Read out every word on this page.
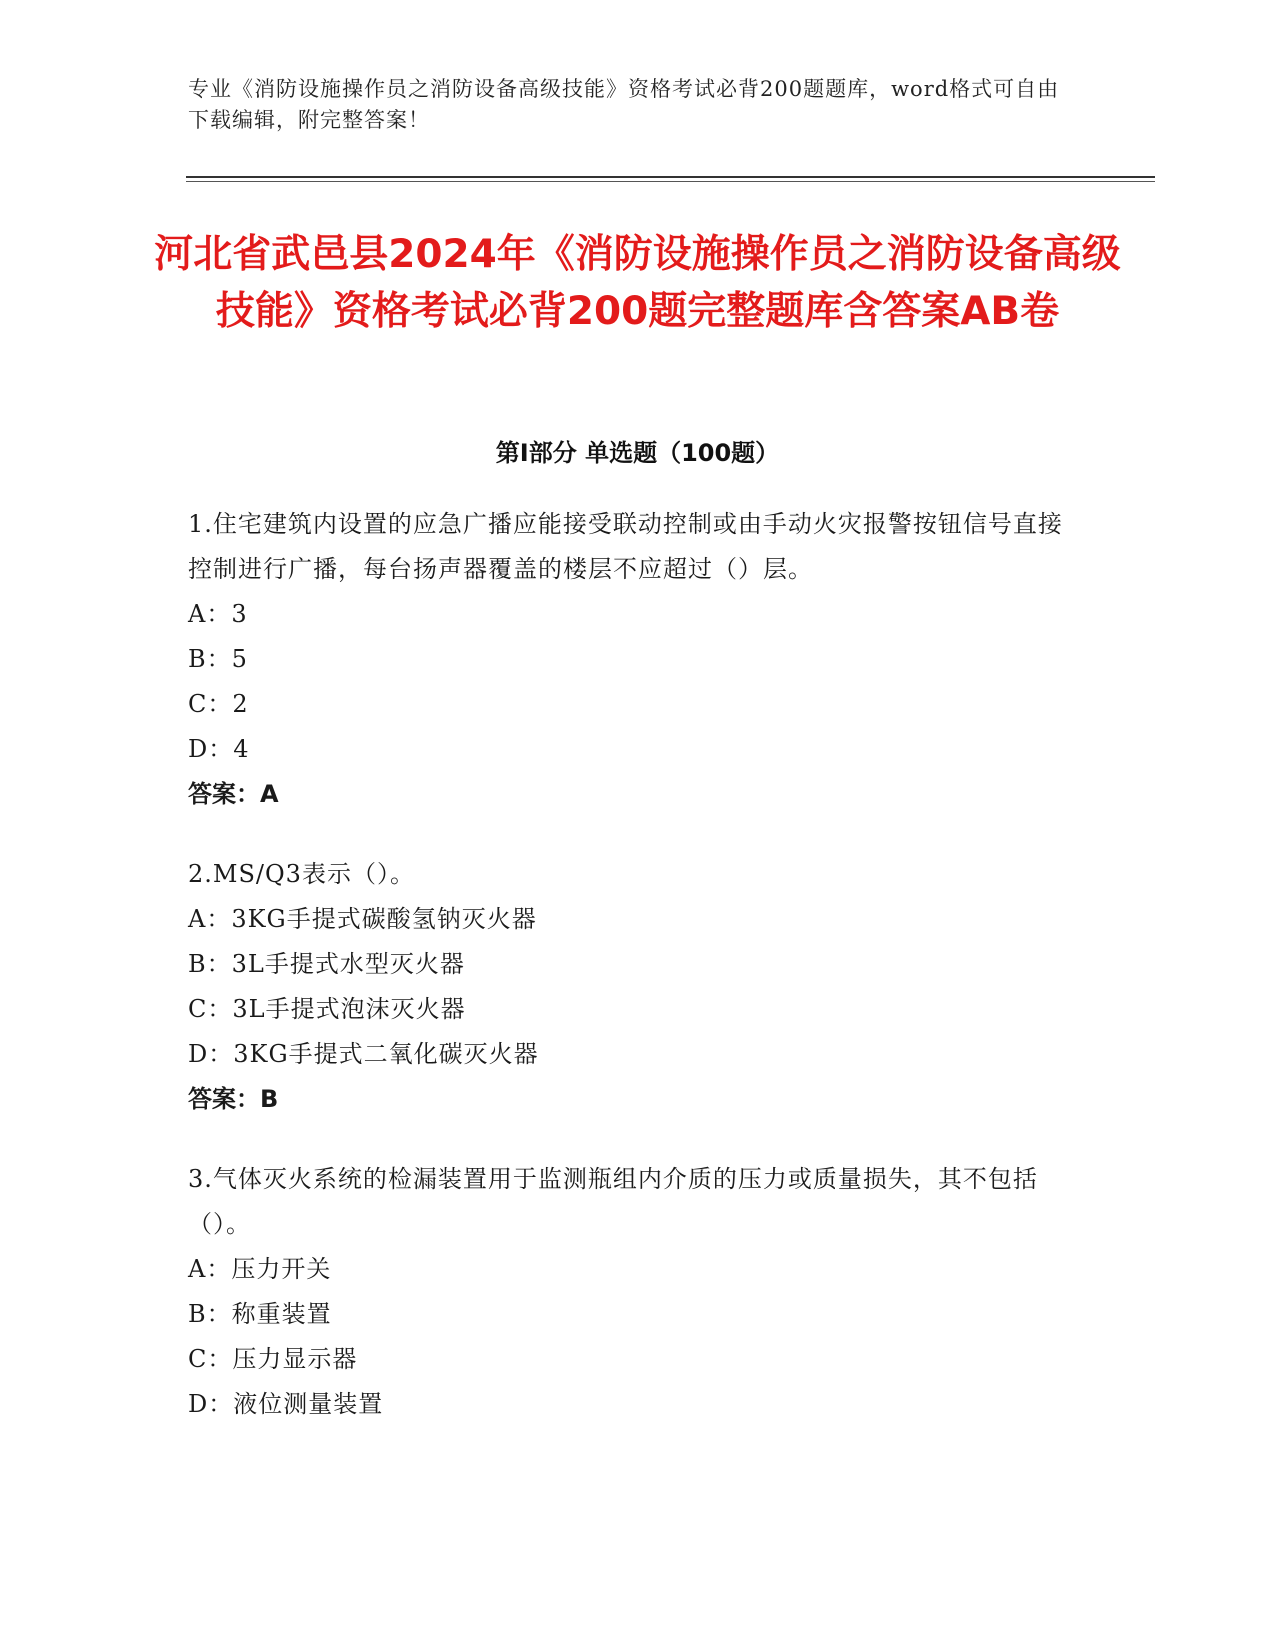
专业《消防设施操作员之消防设备高级技能》资格考试必背200题题库，word格式可自由下载编辑，附完整答案！
河北省武邑县2024年《消防设施操作员之消防设备高级技能》资格考试必背200题完整题库含答案AB卷
第I部分 单选题（100题）
1.住宅建筑内设置的应急广播应能接受联动控制或由手动火灾报警按钮信号直接控制进行广播，每台扬声器覆盖的楼层不应超过（）层。
A：3
B：5
C：2
D：4
答案：A
2.MS/Q3表示（）。
A：3KG手提式碳酸氢钠灭火器
B：3L手提式水型灭火器
C：3L手提式泡沫灭火器
D：3KG手提式二氧化碳灭火器
答案：B
3.气体灭火系统的检漏装置用于监测瓶组内介质的压力或质量损失，其不包括（）。
A：压力开关
B：称重装置
C：压力显示器
D：液位测量装置
